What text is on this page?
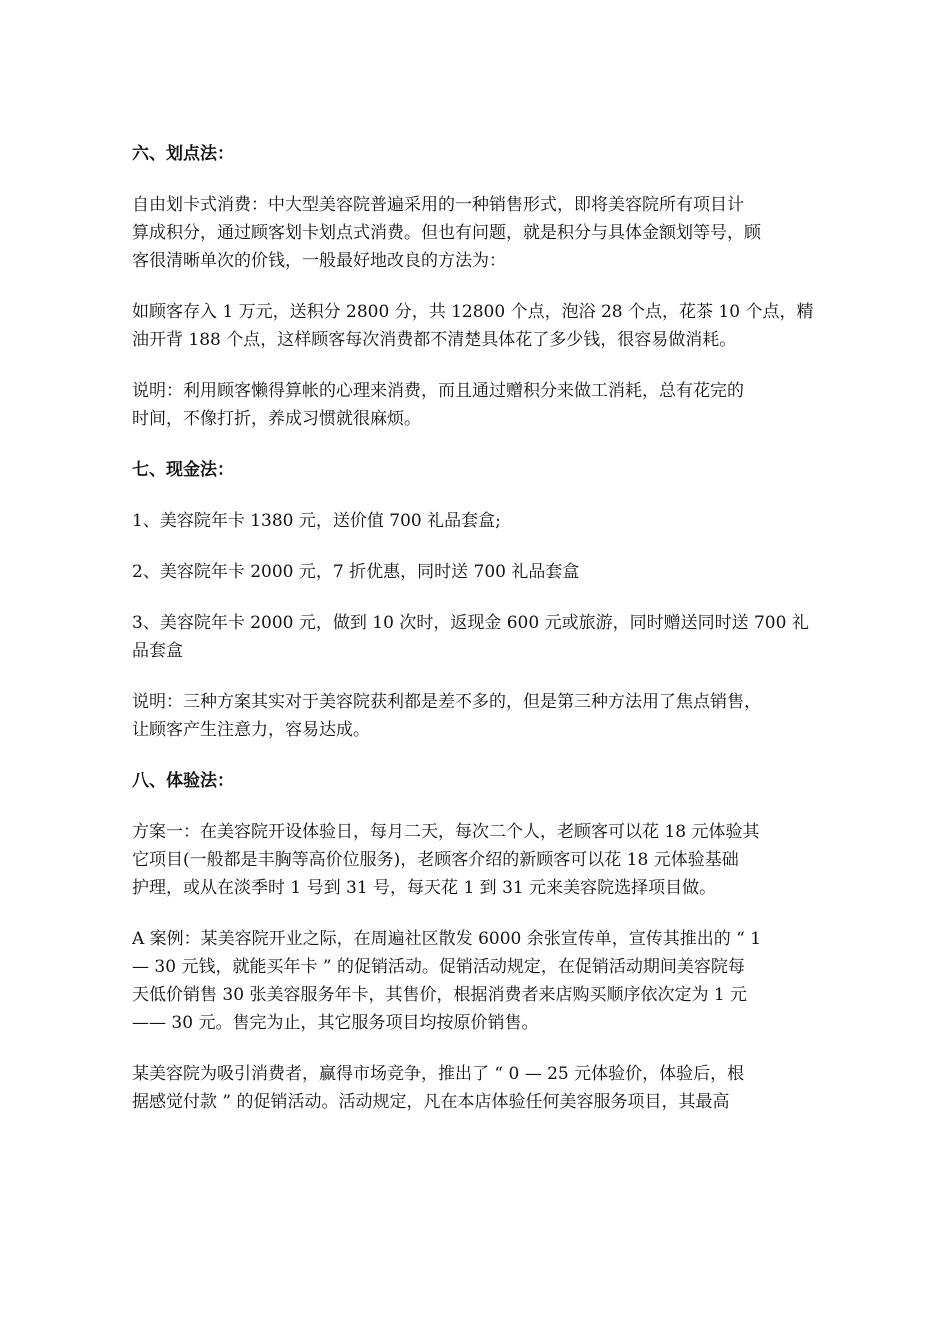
六、划点法：
自由划卡式消费：中大型美容院普遍采用的一种销售形式，即将美容院所有项目计
算成积分，通过顾客划卡划点式消费。但也有问题，就是积分与具体金额划等号，顾
客很清晰单次的价钱，一般最好地改良的方法为：
如顾客存入 1 万元，送积分 2800 分，共 12800 个点，泡浴 28 个点，花茶 10 个点，精
油开背 188 个点，这样顾客每次消费都不清楚具体花了多少钱，很容易做消耗。
说明：利用顾客懒得算帐的心理来消费，而且通过赠积分来做工消耗，总有花完的
时间，不像打折，养成习惯就很麻烦。
七、现金法：
1、美容院年卡 1380 元，送价值 700 礼品套盒;
2、美容院年卡 2000 元，7 折优惠，同时送 700 礼品套盒
3、美容院年卡 2000 元，做到 10 次时，返现金 600 元或旅游，同时赠送同时送 700 礼
品套盒
说明：三种方案其实对于美容院获利都是差不多的，但是第三种方法用了焦点销售，
让顾客产生注意力，容易达成。
八、体验法：
方案一：在美容院开设体验日，每月二天，每次二个人，老顾客可以花 18 元体验其
它项目(一般都是丰胸等高价位服务)，老顾客介绍的新顾客可以花 18 元体验基础
护理，或从在淡季时 1 号到 31 号，每天花 1 到 31 元来美容院选择项目做。
A 案例：某美容院开业之际，在周遍社区散发 6000 余张宣传单，宣传其推出的 “ 1
— 30 元钱，就能买年卡 ” 的促销活动。促销活动规定，在促销活动期间美容院每
天低价销售 30 张美容服务年卡，其售价，根据消费者来店购买顺序依次定为 1 元
—— 30 元。售完为止，其它服务项目均按原价销售。
某美容院为吸引消费者，赢得市场竞争，推出了 “ 0 — 25 元体验价，体验后，根
据感觉付款 ” 的促销活动。活动规定，凡在本店体验任何美容服务项目，其最高
